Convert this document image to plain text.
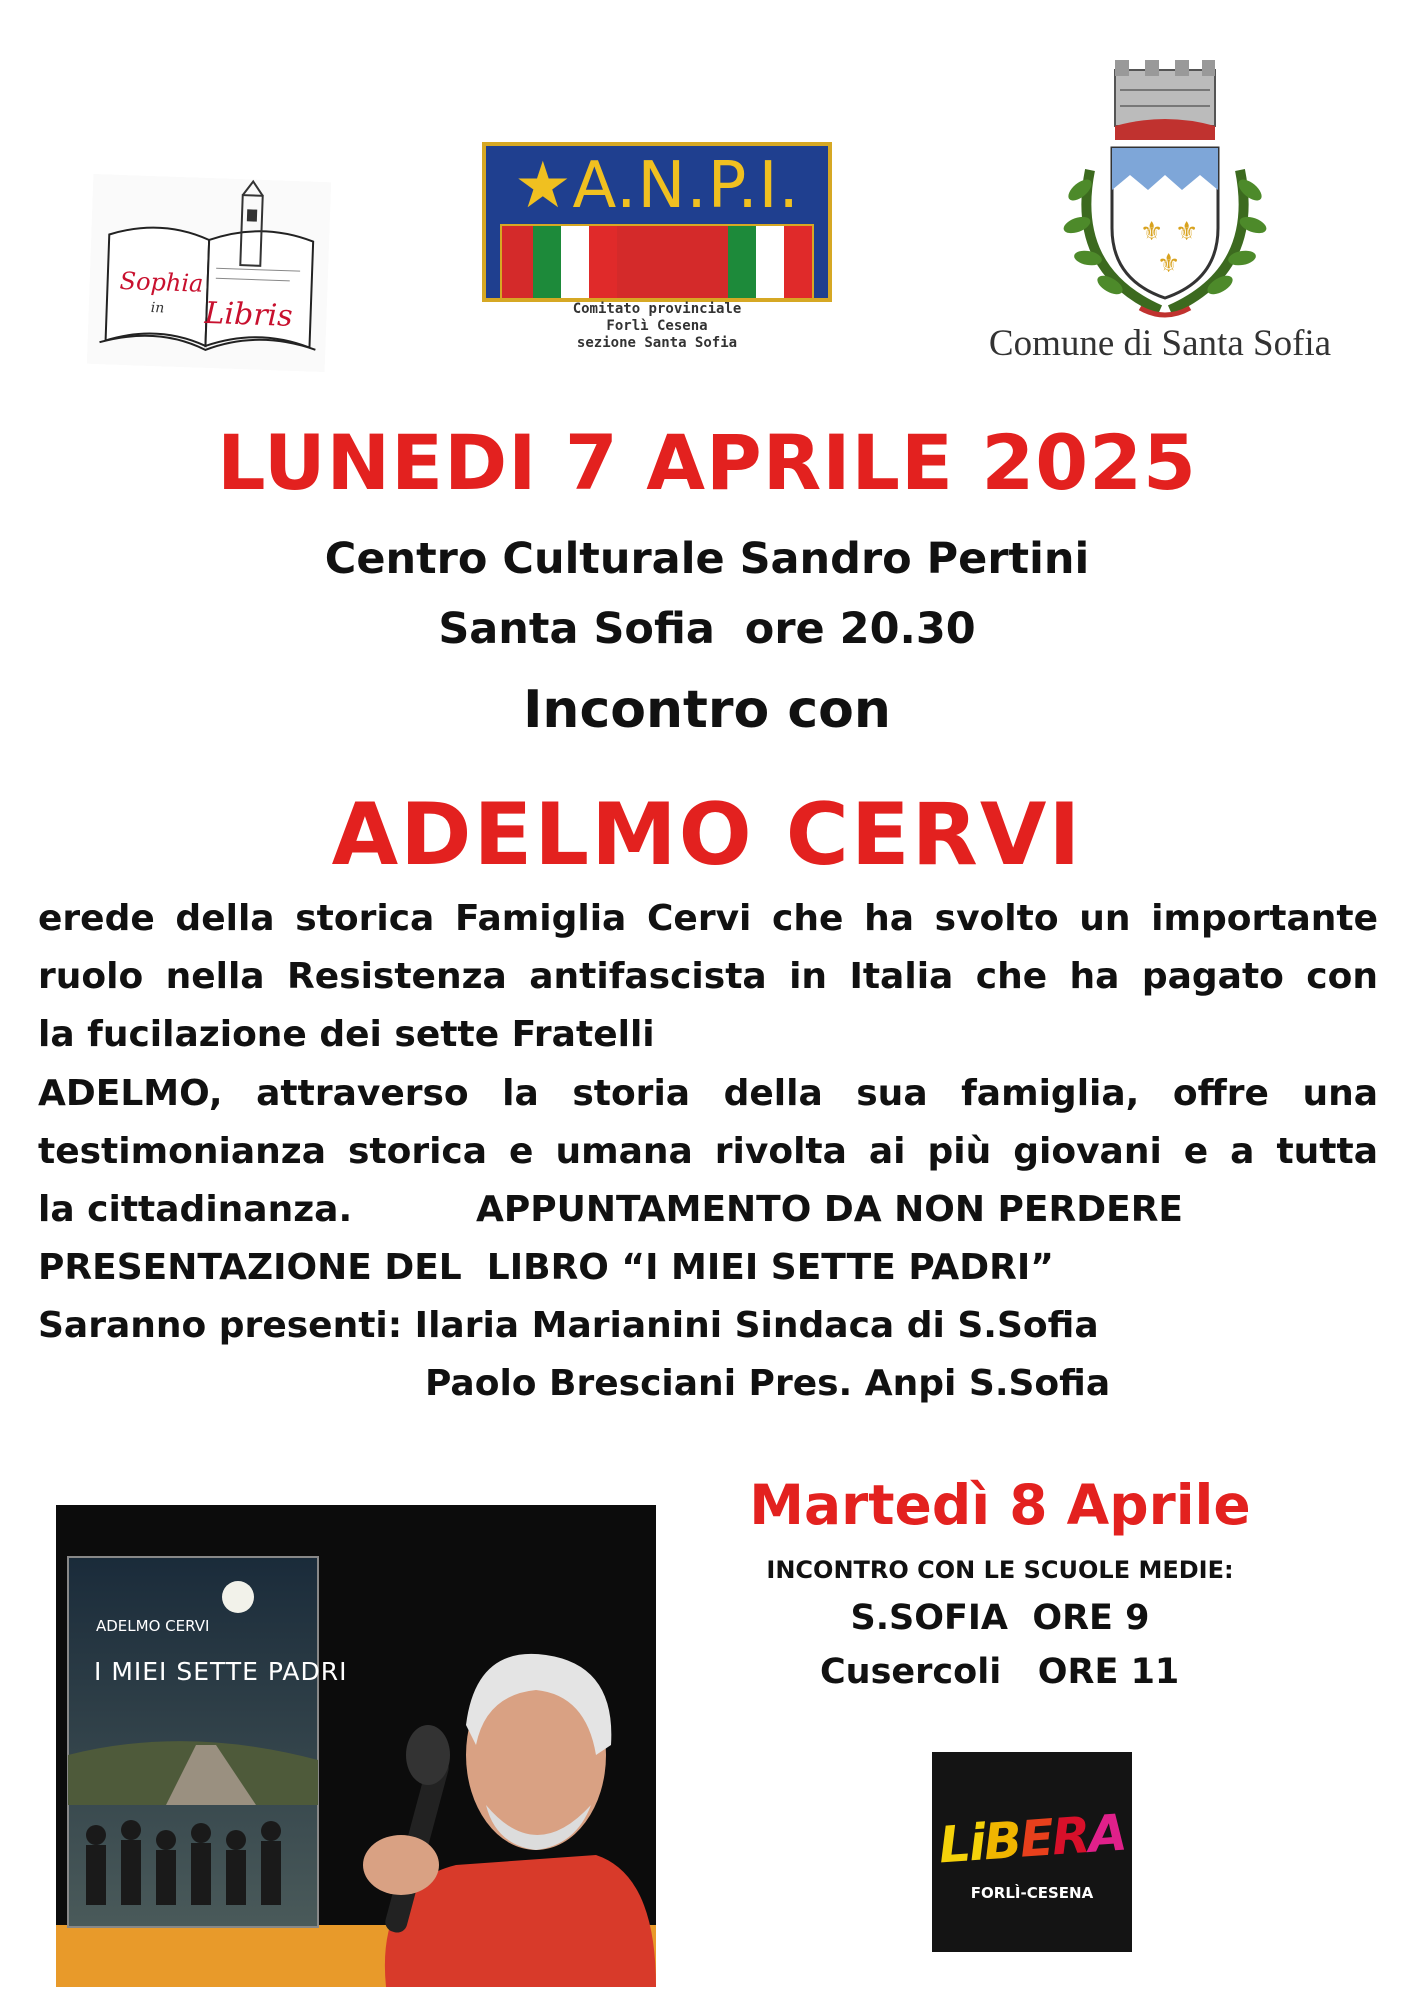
Sophia
in Libris
★A.N.P.I.
Comitato provinciale
Forlì Cesena
sezione Santa Sofia
⚜ ⚜
⚜
Comune di Santa Sofia
LUNEDI 7 APRILE 2025
Centro Culturale Sandro Pertini
Santa Sofia  ore 20.30
Incontro con
ADELMO CERVI
erede della storica Famiglia Cervi che ha svolto un importante
ruolo nella Resistenza antifascista in Italia che ha pagato con
la fucilazione dei sette Fratelli
ADELMO, attraverso la storia della sua famiglia, offre una
testimonianza storica e umana rivolta ai più giovani e a tutta
la cittadinanza.	APPUNTAMENTO DA NON PERDERE
PRESENTAZIONE DEL  LIBRO “I MIEI SETTE PADRI”
Saranno presenti: Ilaria Marianini Sindaca di S.Sofia
Paolo Bresciani Pres. Anpi S.Sofia
ADELMO CERVI
I MIEI SETTE PADRI
Martedì 8 Aprile
INCONTRO CON LE SCUOLE MEDIE:
S.SOFIA  ORE 9
Cusercoli   ORE 11
LiBERA
FORLÌ-CESENA
